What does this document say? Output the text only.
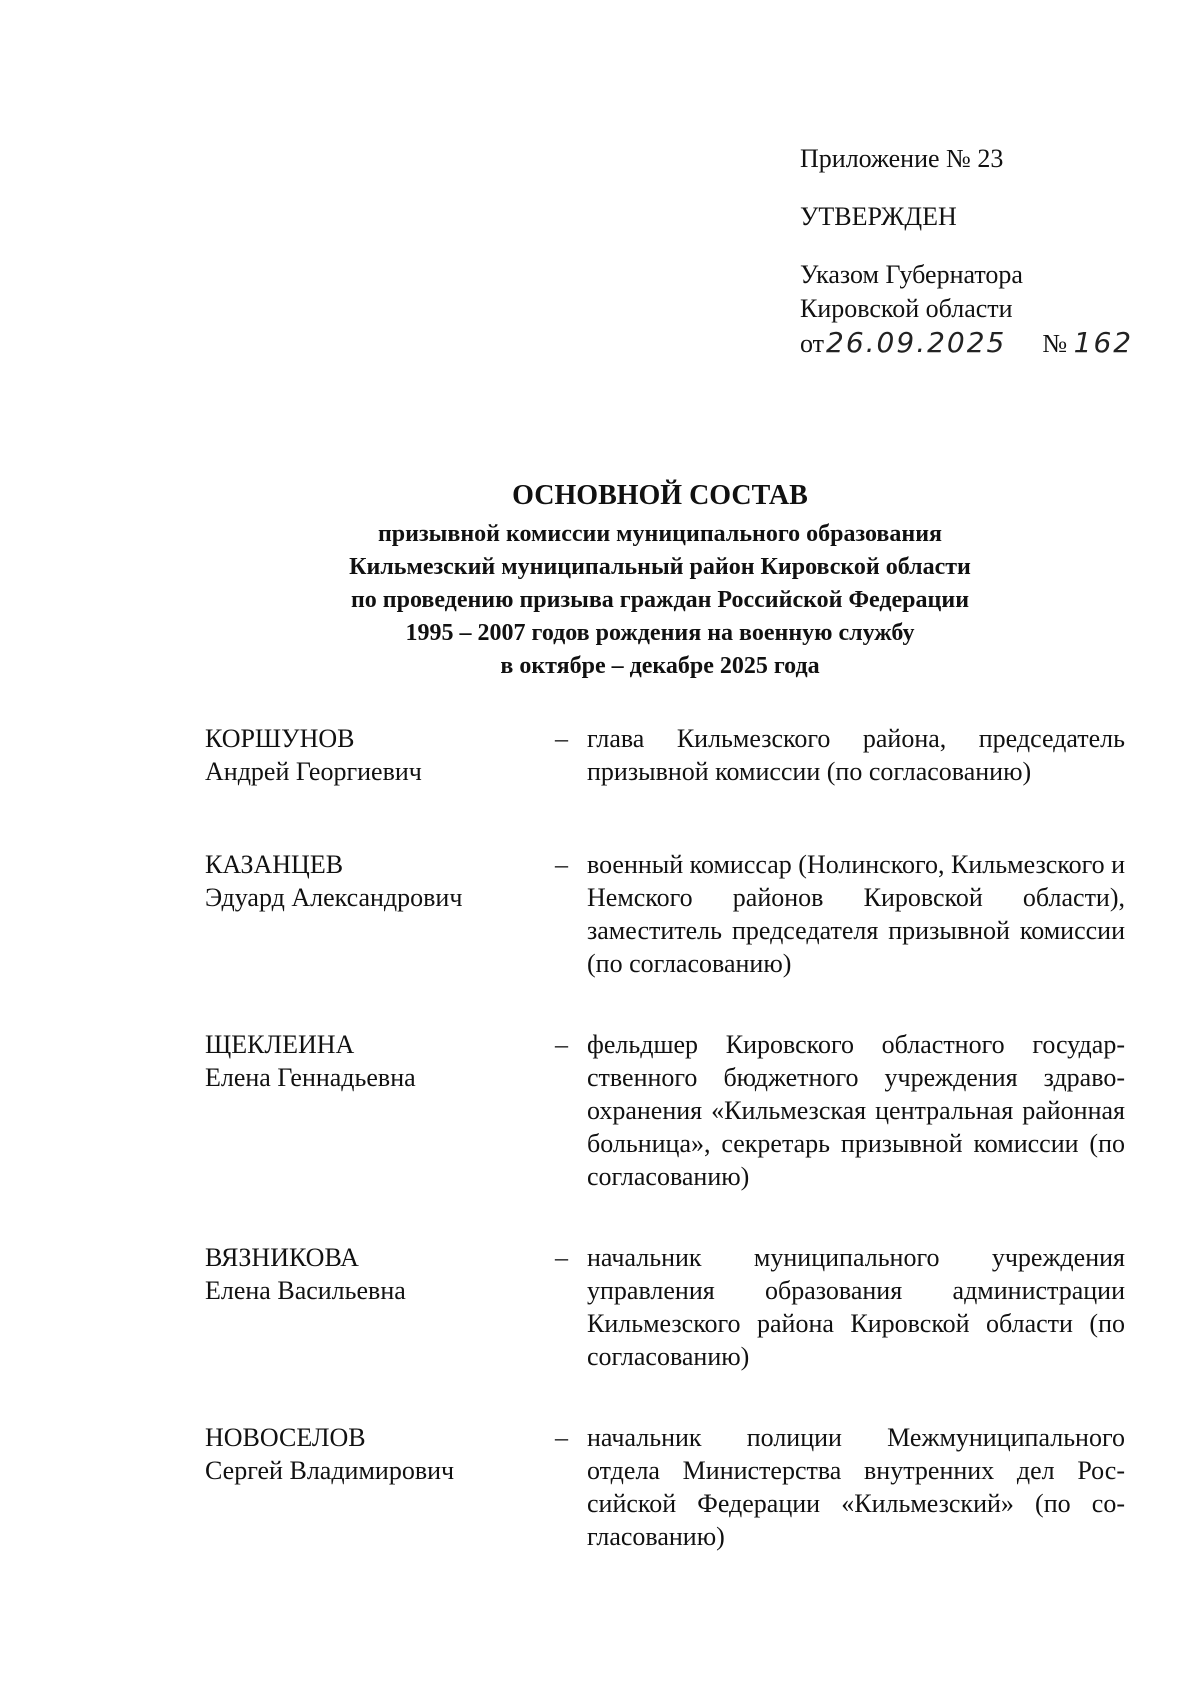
Приложение № 23
УТВЕРЖДЕН
Указом Губернатора
Кировской области
от26.09.2025 № 162
ОСНОВНОЙ СОСТАВ
призывной комиссии муниципального образования
Кильмезский муниципальный район Кировской области
по проведению призыва граждан Российской Федерации
1995 – 2007 годов рождения на военную службу
в октябре – декабре 2025 года
КОРШУНОВ
Андрей Георгиевич
– глава Кильмезского района, председатель призывной комиссии (по согласованию)
КАЗАНЦЕВ
Эдуард Александрович
– военный комиссар (Нолинского, Кильмезского и Немского районов Кировской области), заместитель председателя призывной комиссии (по согласованию)
ЩЕКЛЕИНА
Елена Геннадьевна
– фельдшер Кировского областного государственного бюджетного учреждения здравоохранения «Кильмезская центральная районная больница», секретарь призывной комиссии (по согласованию)
ВЯЗНИКОВА
Елена Васильевна
– начальник муниципального учреждения управления образования администрации Кильмезского района Кировской области (по согласованию)
НОВОСЕЛОВ
Сергей Владимирович
– начальник полиции Межмуниципального отдела Министерства внутренних дел Российской Федерации «Кильмезский» (по согласованию)
